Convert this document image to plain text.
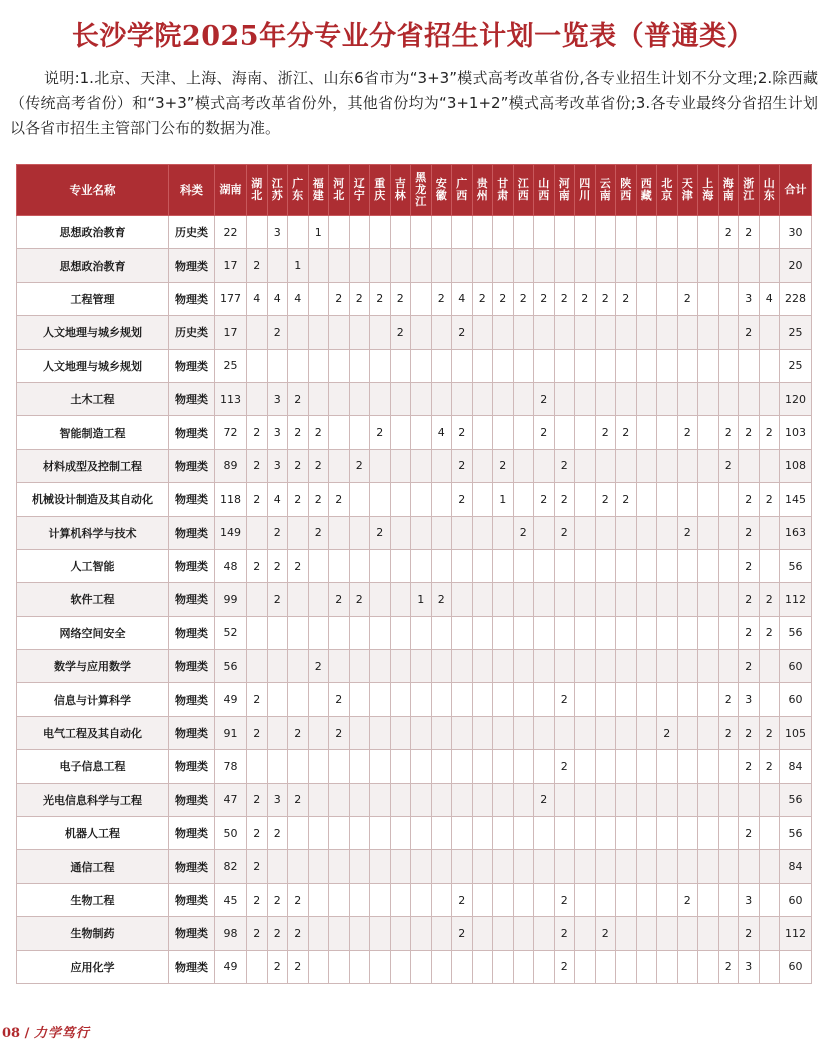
长沙学院2025年分专业分省招生计划一览表（普通类）
说明:1.北京、天津、上海、海南、浙江、山东6省市为“3+3”模式高考改革省份,各专业招生计划不分文理;2.除西藏（传统高考省份）和“3+3”模式高考改革省份外，其他省份均为“3+1+2”模式高考改革省份;3.各专业最终分省招生计划以各省市招生主管部门公布的数据为准。
专业名称	科类	湖南	湖北	江苏	广东	福建	河北	辽宁	重庆	吉林	黑龙江	安徽	广西	贵州	甘肃	江西	山西	河南	四川	云南	陕西	西藏	北京	天津	上海	海南	浙江	山东	合计
思想政治教育	历史类	22		3		1																				2	2		30
思想政治教育	物理类	17	2		1																								20
工程管理	物理类	177	4	4	4		2	2	2	2		2	4	2	2	2	2	2	2	2	2			2			3	4	228
人文地理与城乡规划	历史类	17		2						2			2														2		25
人文地理与城乡规划	物理类	25																											25
土木工程	物理类	113		3	2												2												120
智能制造工程	物理类	72	2	3	2	2			2			4	2				2			2	2			2		2	2	2	103
材料成型及控制工程	物理类	89	2	3	2	2		2					2		2			2								2			108
机械设计制造及其自动化	物理类	118	2	4	2	2	2						2		1		2	2		2	2						2	2	145
计算机科学与技术	物理类	149		2		2			2							2		2						2			2		163
人工智能	物理类	48	2	2	2																						2		56
软件工程	物理类	99		2			2	2			1	2															2	2	112
网络空间安全	物理类	52																									2	2	56
数学与应用数学	物理类	56				2																					2		60
信息与计算科学	物理类	49	2				2											2								2	3		60
电气工程及其自动化	物理类	91	2		2		2																2			2	2	2	105
电子信息工程	物理类	78																2									2	2	84
光电信息科学与工程	物理类	47	2	3	2												2												56
机器人工程	物理类	50	2	2																							2		56
通信工程	物理类	82	2																										84
生物工程	物理类	45	2	2	2								2					2						2			3		60
生物制药	物理类	98	2	2	2								2					2		2							2		112
应用化学	物理类	49		2	2													2								2	3		60
08 / 力学笃行
